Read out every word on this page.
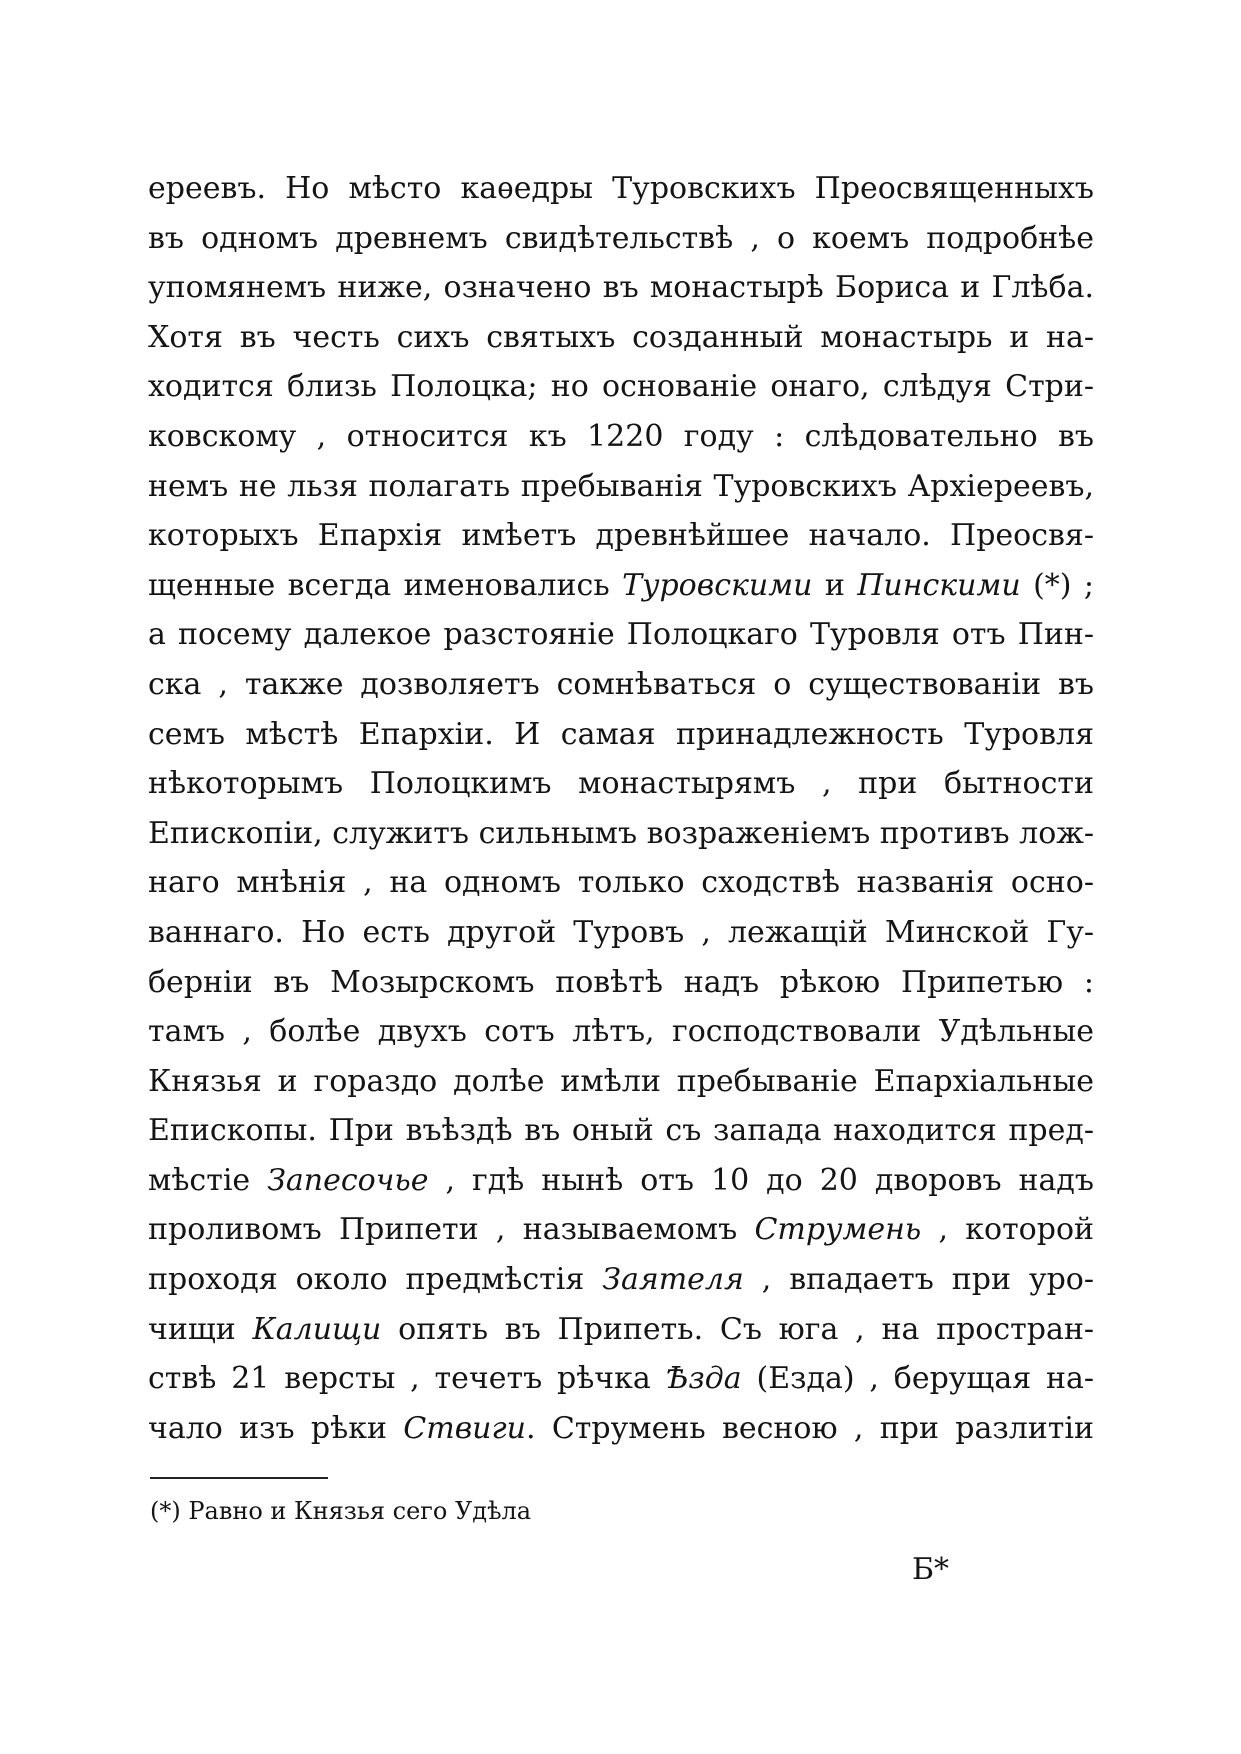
ереевъ. Но мѣсто каѳедры Туровскихъ Преосвященныхъ
въ одномъ древнемъ свидѣтельствѣ , о коемъ подробнѣе
упомянемъ ниже, означено въ монастырѣ Бориса и Глѣба.
Хотя въ честь сихъ святыхъ созданный монастырь и на-
ходится близь Полоцка; но основаніе онаго, слѣдуя Стри-
ковскому , относится къ 1220 году : слѣдовательно въ
немъ не льзя полагать пребыванія Туровскихъ Архіереевъ,
которыхъ Епархія имѣетъ древнѣйшее начало. Преосвя-
щенные всегда именовались Туровскими и Пинскими (*) ;
а посему далекое разстояніе Полоцкаго Туровля отъ Пин-
ска , также дозволяетъ сомнѣваться о существованіи въ
семъ мѣстѣ Епархіи. И самая принадлежность Туровля
нѣкоторымъ Полоцкимъ монастырямъ , при бытности
Епископіи, служитъ сильнымъ возраженіемъ противъ лож-
наго мнѣнія , на одномъ только сходствѣ названія осно-
ваннаго. Но есть другой Туровъ , лежащій Минской Гу-
берніи въ Мозырскомъ повѣтѣ надъ рѣкою Припетью :
тамъ , болѣе двухъ сотъ лѣтъ, господствовали Удѣльные
Князья и гораздо долѣе имѣли пребываніе Епархіальные
Епископы. При въѣздѣ въ оный съ запада находится пред-
мѣстіе Запесочье , гдѣ нынѣ отъ 10 до 20 дворовъ надъ
проливомъ Припети , называемомъ Струмень , которой
проходя около предмѣстія Заятеля , впадаетъ при уро-
чищи Калищи опять въ Припеть. Съ юга , на простран-
ствѣ 21 версты , течетъ рѣчка Ѣзда (Езда) , берущая на-
чало изъ рѣки Ствиги. Струмень весною , при разлитіи
(*) Равно и Князья сего Удѣла
Б*
